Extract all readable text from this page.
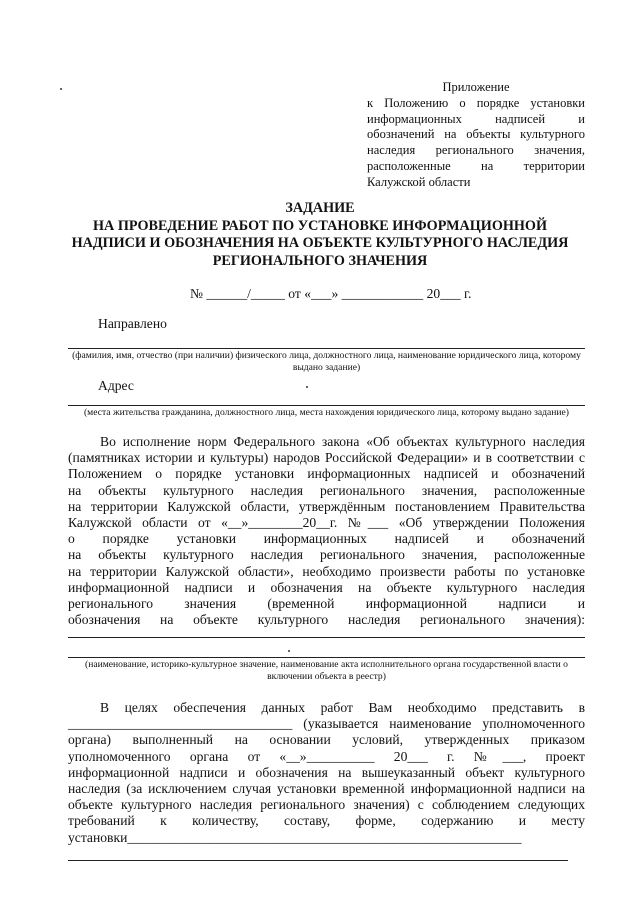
Приложение
к Положению о порядке установки
информационных надписей и
обозначений на объекты культурного
наследия регионального значения,
расположенные на территории
Калужской области
ЗАДАНИЕ
НА ПРОВЕДЕНИЕ РАБОТ ПО УСТАНОВКЕ ИНФОРМАЦИОННОЙ
НАДПИСИ И ОБОЗНАЧЕНИЯ НА ОБЪЕКТЕ КУЛЬТУРНОГО НАСЛЕДИЯ
РЕГИОНАЛЬНОГО ЗНАЧЕНИЯ
№ ______/_____ от «___» ____________ 20___ г.
Направлено
(фамилия, имя, отчество (при наличии) физического лица, должностного лица, наименование юридического лица, которому выдано задание)
Адрес
(места жительства гражданина, должностного лица, места нахождения юридического лица, которому выдано задание)
Во исполнение норм Федерального закона «Об объектах культурного наследия
(памятниках истории и культуры) народов Российской Федерации» и в соответствии с
Положением о порядке установки информационных надписей и обозначений
на объекты культурного наследия регионального значения, расположенные
на территории Калужской области, утверждённым постановлением Правительства
Калужской области от «__»________20__г. №___ «Об утверждении Положения
о порядке установки информационных надписей и обозначений
на объекты культурного наследия регионального значения, расположенные
на территории Калужской области», необходимо произвести работы по установке
информационной надписи и обозначения на объекте культурного наследия
регионального значения (временной информационной надписи и
обозначения на объекте культурного наследия регионального значения):
(наименование, историко-культурное значение, наименование акта исполнительного органа государственной власти о включении объекта в реестр)
В целях обеспечения данных работ Вам необходимо представить в
_________________________________ (указывается наименование уполномоченного
органа) выполненный на основании условий, утвержденных приказом
уполномоченного органа от «__»__________ 20___ г. №___, проект
информационной надписи и обозначения на вышеуказанный объект культурного
наследия (за исключением случая установки временной информационной надписи на
объекте культурного наследия регионального значения) с соблюдением следующих
требований к количеству, составу, форме, содержанию и месту
установки__________________________________________________________
